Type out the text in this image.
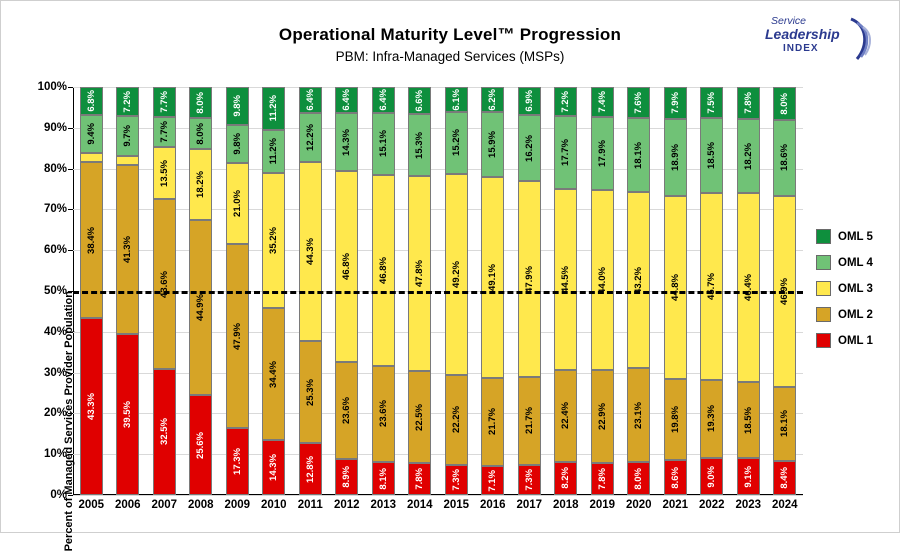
Operational Maturity Level™ Progression
PBM: Infra-Managed Services (MSPs)
Service
Leadership
INDEX
Percent of Managed Services Provider Population
0%
10%
20%
30%
40%
50%
60%
70%
80%
90%
100%
6.8%
9.4%
38.4%
43.3%
7.2%
9.7%
41.3%
39.5%
7.7%
7.7%
13.5%
43.6%
32.5%
8.0%
8.0%
18.2%
44.9%
25.6%
9.8%
9.8%
21.0%
47.9%
17.3%
11.2%
11.2%
35.2%
34.4%
14.3%
6.4%
12.2%
44.3%
25.3%
12.8%
6.4%
14.3%
46.8%
23.6%
8.9%
6.4%
15.1%
46.8%
23.6%
8.1%
6.6%
15.3%
47.8%
22.5%
7.8%
6.1%
15.2%
49.2%
22.2%
7.3%
6.2%
15.9%
49.1%
21.7%
7.1%
6.9%
16.2%
47.9%
21.7%
7.3%
7.2%
17.7%
44.5%
22.4%
8.2%
7.4%
17.9%
44.0%
22.9%
7.8%
7.6%
18.1%
43.2%
23.1%
8.0%
7.9%
18.9%
44.8%
19.8%
8.6%
7.5%
18.5%
45.7%
19.3%
9.0%
7.8%
18.2%
46.4%
18.5%
9.1%
8.0%
18.6%
46.9%
18.1%
8.4%
2005 2006 2007 2008 2009 2010 2011 2012 2013 2014 2015 2016 2017 2018 2019 2020 2021 2022 2023 2024
OML 5
OML 4
OML 3
OML 2
OML 1
